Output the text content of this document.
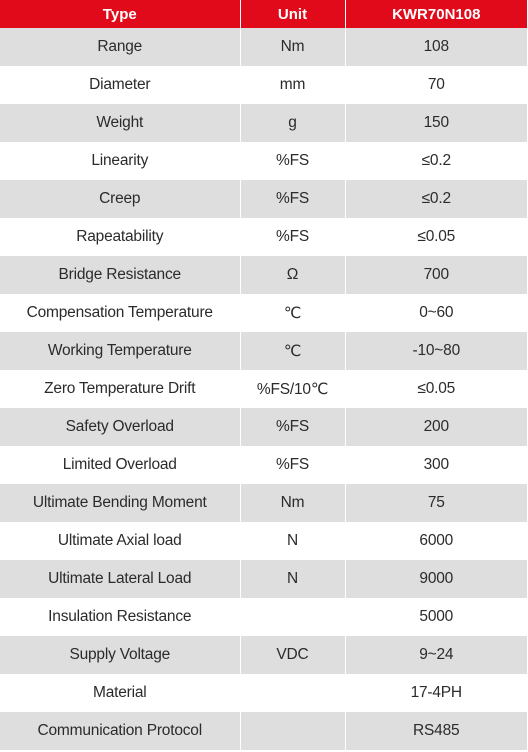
Type	Unit	KWR70N108
Range	Nm	108
Diameter	mm	70
Weight	g	150
Linearity	%FS	≤0.2
Creep	%FS	≤0.2
Rapeatability	%FS	≤0.05
Bridge Resistance	Ω	700
Compensation Temperature	℃	0~60
Working Temperature	℃	-10~80
Zero Temperature Drift	%FS/10℃	≤0.05
Safety Overload	%FS	200
Limited Overload	%FS	300
Ultimate Bending Moment	Nm	75
Ultimate Axial load	N	6000
Ultimate Lateral Load	N	9000
Insulation Resistance		5000
Supply Voltage	VDC	9~24
Material		17-4PH
Communication Protocol		RS485
